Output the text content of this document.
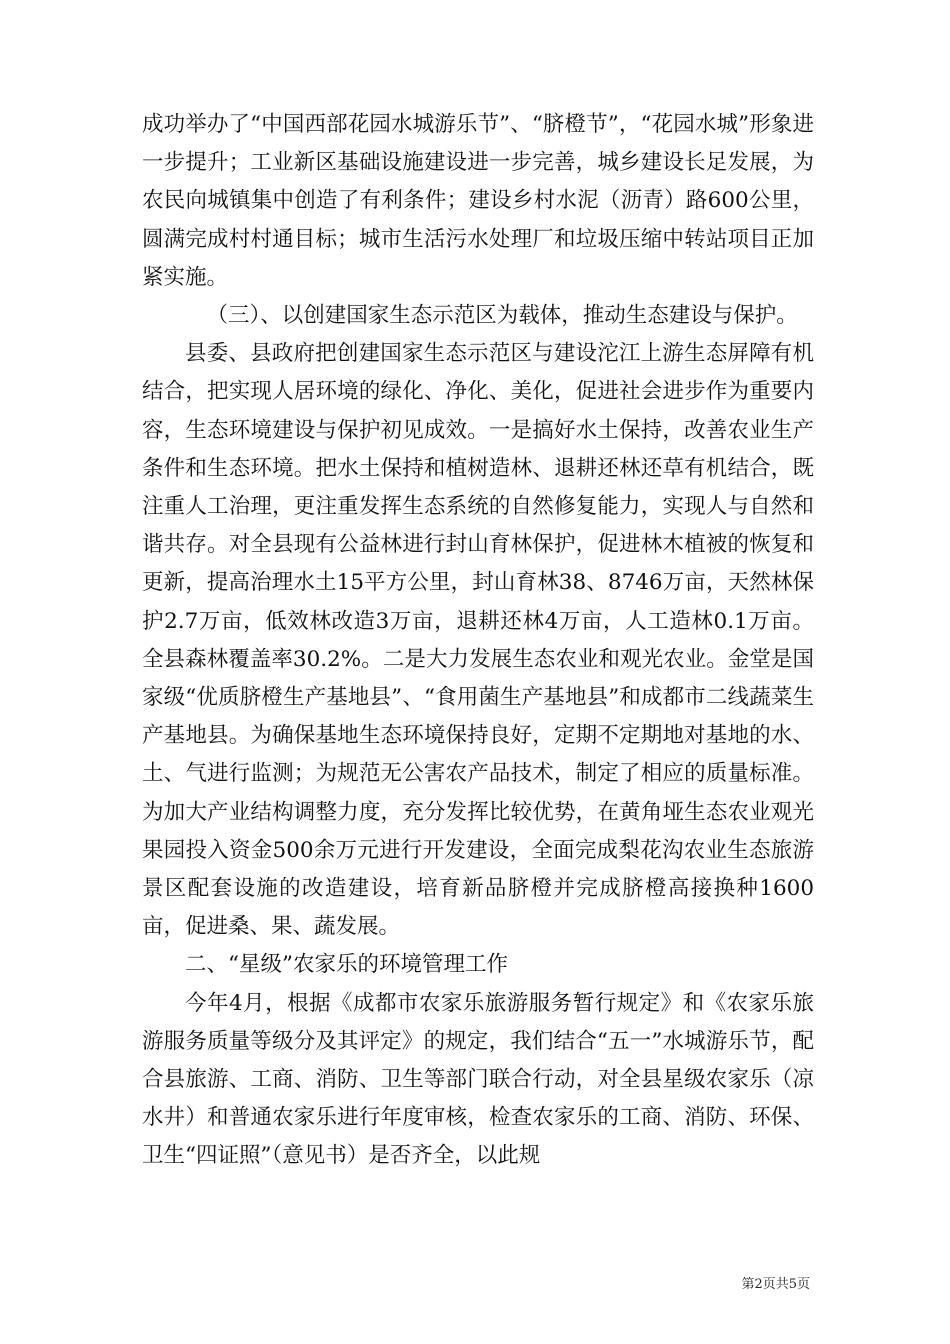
成功举办了“中国西部花园水城游乐节”、“脐橙节”，“花园水城”形象进一步提升；工业新区基础设施建设进一步完善，城乡建设长足发展，为农民向城镇集中创造了有利条件；建设乡村水泥（沥青）路600公里，圆满完成村村通目标；城市生活污水处理厂和垃圾压缩中转站项目正加紧实施。

（三）、以创建国家生态示范区为载体，推动生态建设与保护。

县委、县政府把创建国家生态示范区与建设沱江上游生态屏障有机结合，把实现人居环境的绿化、净化、美化，促进社会进步作为重要内容，生态环境建设与保护初见成效。一是搞好水土保持，改善农业生产条件和生态环境。把水土保持和植树造林、退耕还林还草有机结合，既注重人工治理，更注重发挥生态系统的自然修复能力，实现人与自然和谐共存。对全县现有公益林进行封山育林保护，促进林木植被的恢复和更新，提高治理水土15平方公里，封山育林38、8746万亩，天然林保护2.7万亩，低效林改造3万亩，退耕还林4万亩，人工造林0.1万亩。全县森林覆盖率30.2%。二是大力发展生态农业和观光农业。金堂是国家级“优质脐橙生产基地县”、“食用菌生产基地县”和成都市二线蔬菜生产基地县。为确保基地生态环境保持良好，定期不定期地对基地的水、土、气进行监测；为规范无公害农产品技术，制定了相应的质量标准。为加大产业结构调整力度，充分发挥比较优势，在黄角垭生态农业观光果园投入资金500余万元进行开发建设，全面完成梨花沟农业生态旅游景区配套设施的改造建设，培育新品脐橙并完成脐橙高接换种1600亩，促进桑、果、蔬发展。

二、“星级”农家乐的环境管理工作

今年4月，根据《成都市农家乐旅游服务暂行规定》和《农家乐旅游服务质量等级分及其评定》的规定，我们结合“五一”水城游乐节，配合县旅游、工商、消防、卫生等部门联合行动，对全县星级农家乐（凉水井）和普通农家乐进行年度审核，检查农家乐的工商、消防、环保、卫生“四证照”（意见书）是否齐全，以此规

第2页共5页
